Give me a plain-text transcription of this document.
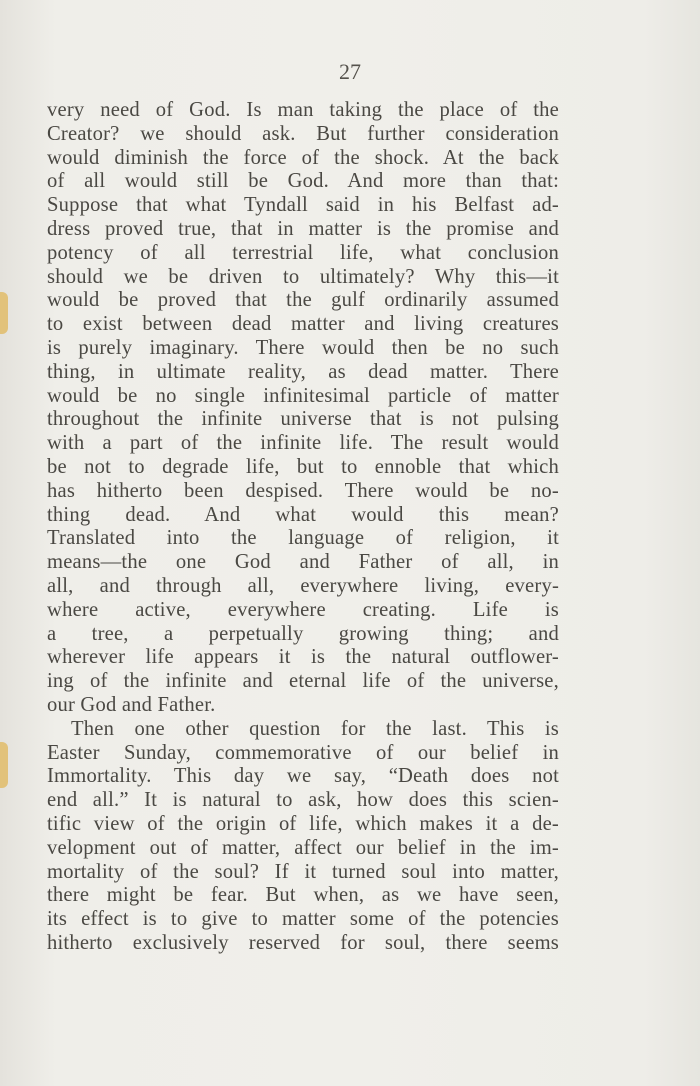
27
very need of God. Is man taking the place of the
Creator? we should ask. But further consideration
would diminish the force of the shock. At the back
of all would still be God. And more than that:
Suppose that what Tyndall said in his Belfast ad-
dress proved true, that in matter is the promise and
potency of all terrestrial life, what conclusion
should we be driven to ultimately? Why this—it
would be proved that the gulf ordinarily assumed
to exist between dead matter and living creatures
is purely imaginary. There would then be no such
thing, in ultimate reality, as dead matter. There
would be no single infinitesimal particle of matter
throughout the infinite universe that is not pulsing
with a part of the infinite life. The result would
be not to degrade life, but to ennoble that which
has hitherto been despised. There would be no-
thing dead. And what would this mean?
Translated into the language of religion, it
means—the one God and Father of all, in
all, and through all, everywhere living, every-
where active, everywhere creating. Life is
a tree, a perpetually growing thing; and
wherever life appears it is the natural outflower-
ing of the infinite and eternal life of the universe,
our God and Father.
Then one other question for the last. This is
Easter Sunday, commemorative of our belief in
Immortality. This day we say, “Death does not
end all.” It is natural to ask, how does this scien-
tific view of the origin of life, which makes it a de-
velopment out of matter, affect our belief in the im-
mortality of the soul? If it turned soul into matter,
there might be fear. But when, as we have seen,
its effect is to give to matter some of the potencies
hitherto exclusively reserved for soul, there seems
